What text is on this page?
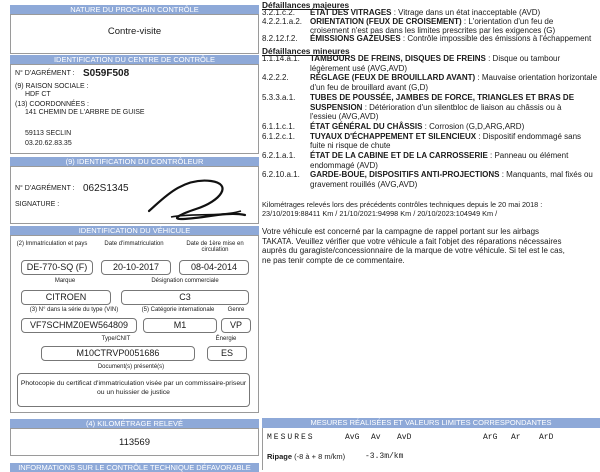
NATURE DU PROCHAIN CONTRÔLE
Contre-visite
IDENTIFICATION DU CENTRE DE CONTRÔLE
N° D'AGRÉMENT : S059F508
(9) RAISON SOCIALE :
HDF CT
(13) COORDONNÉES :
141 CHEMIN DE L'ARBRE DE GUISE
59113 SECLIN
03.20.62.83.35
(9) IDENTIFICATION DU CONTRÔLEUR
N° D'AGRÉMENT : 062S1345
SIGNATURE :
IDENTIFICATION DU VÉHICULE
(2) Immatriculation et pays	Date d'immatriculation	Date de 1ère mise en circulation
DE-770-SQ (F)	20-10-2017	08-04-2014
Marque	Désignation commerciale
CITROEN	C3
(3) N° dans la série du type (VIN)	(5) Catégorie internationale	Genre
VF7SCHMZ0EW564809	M1	VP
Type/CNIT	Énergie
M10CTRVP0051686	ES
Document(s) présenté(s)
Photocopie du certificat d'immatriculation visée par un commissaire-priseur ou un huissier de justice
(4) KILOMÉTRAGE RELEVÉ
113569
INFORMATIONS SUR LE CONTRÔLE TECHNIQUE DÉFAVORABLE
Défaillances majeures
3.2.1.c.2. ÉTAT DES VITRAGES : Vitrage dans un état inacceptable (AVD)
4.2.2.1.a.2. ORIENTATION (FEUX DE CROISEMENT) : L'orientation d'un feu de
croisement n'est pas dans les limites prescrites par les exigences (G)
8.2.12.f.2. ÉMISSIONS GAZEUSES : Contrôle impossible des émissions à l'échappement
Défaillances mineures
1.1.14.a.1. TAMBOURS DE FREINS, DISQUES DE FREINS : Disque ou tambour
légèrement usé (AVG,AVD)
4.2.2.2.	RÉGLAGE (FEUX DE BROUILLARD AVANT) : Mauvaise orientation horizontale
d'un feu de brouillard avant (G,D)
5.3.3.a.1. TUBES DE POUSSÉE, JAMBES DE FORCE, TRIANGLES ET BRAS DE
SUSPENSION : Détérioration d'un silentbloc de liaison au châssis ou à
l'essieu (AVG,AVD)
6.1.1.c.1. ÉTAT GÉNÉRAL DU CHÂSSIS : Corrosion (G,D,ARG,ARD)
6.1.2.c.1. TUYAUX D'ÉCHAPPEMENT ET SILENCIEUX : Dispositif endommagé sans
fuite ni risque de chute
6.2.1.a.1. ÉTAT DE LA CABINE ET DE LA CARROSSERIE : Panneau ou élément
endommagé (AVD)
6.2.10.a.1. GARDE-BOUE, DISPOSITIFS ANTI-PROJECTIONS : Manquants, mal fixés ou
gravement rouillés (AVG,AVD)
Kilométrages relevés lors des précédents contrôles techniques depuis le 20 mai 2018 :
23/10/2019:88411 Km / 21/10/2021:94998 Km / 20/10/2023:104949 Km /
Votre véhicule est concerné par la campagne de rappel portant sur les airbags
TAKATA. Veuillez vérifier que votre véhicule a fait l'objet des réparations nécessaires
auprès du garagiste/concessionnaire de la marque de votre véhicule. Si tel est le cas,
ne pas tenir compte de ce commentaire.
MESURES RÉALISÉES ET VALEURS LIMITES CORRESPONDANTES
MESURES	AvG Av AvD	ArG Ar ArD
Ripage (-8 à + 8 m/km) -3.3m/km
